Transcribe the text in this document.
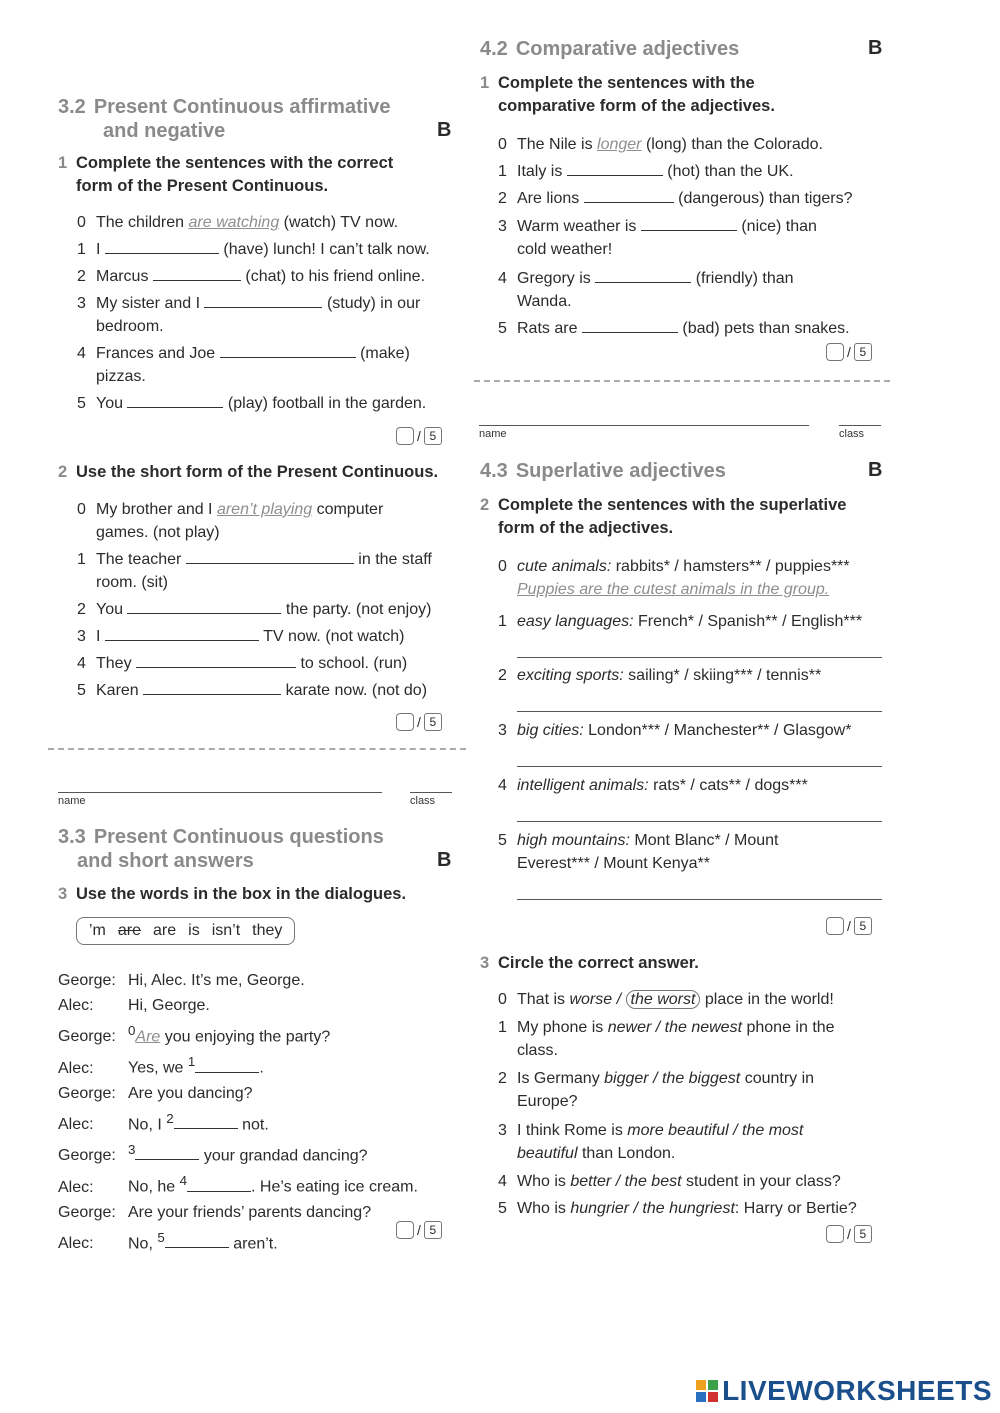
3.2 Present Continuous affirmative
and negative	B
1 Complete the sentences with the correct
form of the Present Continuous.
0 The children are watching (watch) TV now.
1 I	(have) lunch! I can’t talk now.
2 Marcus	(chat) to his friend online.
3 My sister and I	(study) in our
bedroom.
4 Frances and Joe	(make)
pizzas.
5 You	(play) football in the garden.
/ 5
2 Use the short form of the Present Continuous.
0 My brother and I aren’t playing computer
games. (not play)
1 The teacher	in the staff
room. (sit)
2 You	the party. (not enjoy)
3 I	TV now. (not watch)
4 They	to school. (run)
5 Karen	karate now. (not do)
/ 5
name	class
3.3 Present Continuous questions
and short answers	B
3 Use the words in the box in the dialogues.
’m are are is isn’t they
George: Hi, Alec. It’s me, George.
Alec: Hi, George.
George: $^0$Are you enjoying the party?
Alec: Yes, we $^1$	.
George: Are you dancing?
Alec: No, I $^2$	not.
George: $^3$	your grandad dancing?
Alec: No, he $^4$	. He’s eating ice cream.
George: Are your friends’ parents dancing?
Alec: No, $^5$	aren’t.
/ 5
4.2 Comparative adjectives	B
1 Complete the sentences with the
comparative form of the adjectives.
0 The Nile is longer (long) than the Colorado.
1 Italy is	(hot) than the UK.
2 Are lions	(dangerous) than tigers?
3 Warm weather is	(nice) than
cold weather!
4 Gregory is	(friendly) than
Wanda.
5 Rats are	(bad) pets than snakes.
/ 5
name	class
4.3 Superlative adjectives	B
2 Complete the sentences with the superlative
form of the adjectives.
0 cute animals: rabbits* / hamsters** / puppies***
Puppies are the cutest animals in the group.
1 easy languages: French* / Spanish** / English***
2 exciting sports: sailing* / skiing*** / tennis**
3 big cities: London*** / Manchester** / Glasgow*
4 intelligent animals: rats* / cats** / dogs***
5 high mountains: Mont Blanc* / Mount
Everest*** / Mount Kenya**
/ 5
3 Circle the correct answer.
0 That is worse / the worst place in the world!
1 My phone is newer / the newest phone in the
class.
2 Is Germany bigger / the biggest country in
Europe?
3 I think Rome is more beautiful / the most
beautiful than London.
4 Who is better / the best student in your class?
5 Who is hungrier / the hungriest: Harry or Bertie?
/ 5
LIVEWORKSHEETS
